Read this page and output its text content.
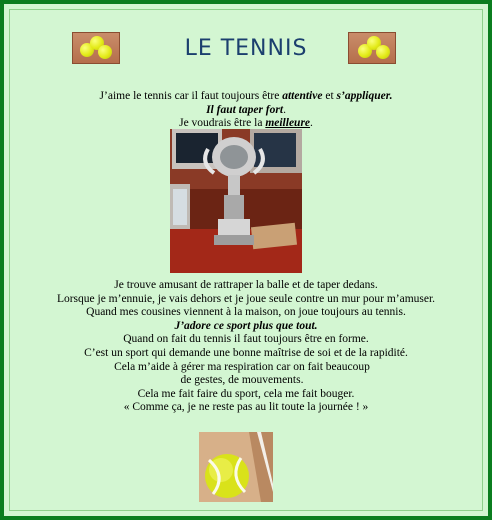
LE TENNIS

J’aime le tennis car il faut toujours être attentive et s’appliquer.

Il faut taper fort.

Je voudrais être la meilleure.

Je trouve amusant de rattraper la balle et de taper dedans.

Lorsque je m’ennuie, je vais dehors et je joue seule contre un mur pour m’amuser.

Quand mes cousines viennent à la maison, on joue toujours au tennis.

J’adore ce sport plus que tout.

Quand on fait du tennis il faut toujours être en forme.

C’est un sport qui demande une bonne maîtrise de soi et de la rapidité.

Cela m’aide à gérer ma respiration car on fait beaucoup de gestes, de mouvements.

Cela me fait faire du sport, cela me fait bouger.

« Comme ça, je ne reste pas au lit toute la journée ! »
